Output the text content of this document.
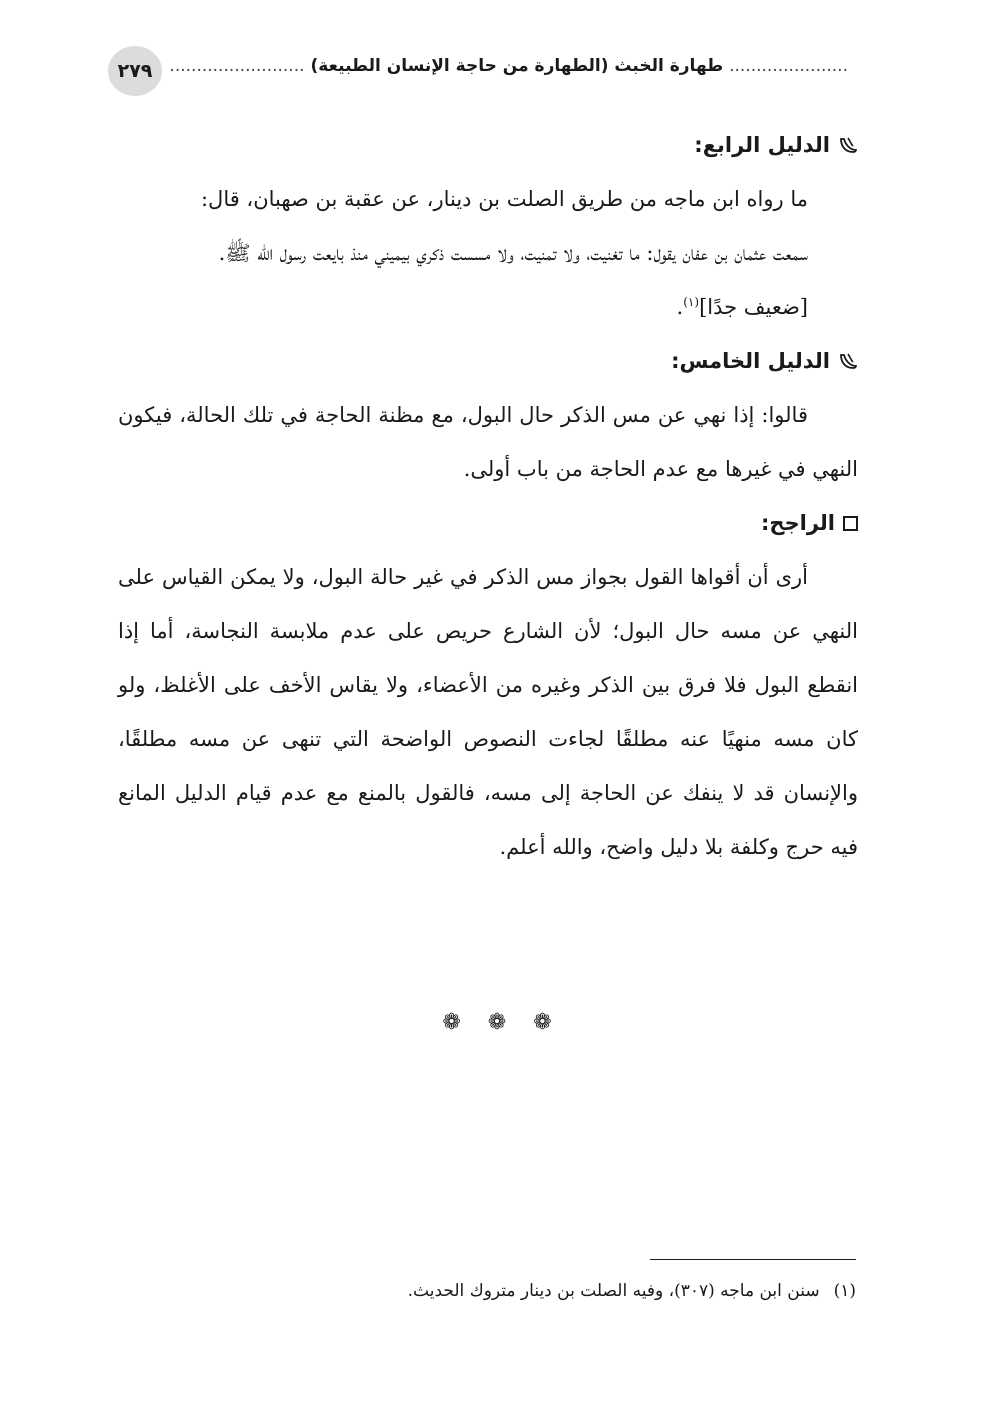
٢٧٩	...................... طهارة الخبث (الطهارة من حاجة الإنسان الطبيعة) .........................
الدليل الرابع:

ما رواه ابن ماجه من طريق الصلت بن دينار، عن عقبة بن صهبان، قال:

سمعت عثمان بن عفان يقول: ما تغنيت، ولا تمنيت، ولا مسست ذكري بيميني منذ بايعت رسول الله ﷺ.

[ضعيف جدًا]$^{(١)}$.

الدليل الخامس:

قالوا: إذا نهي عن مس الذكر حال البول، مع مظنة الحاجة في تلك الحالة، فيكون النهي في غيرها مع عدم الحاجة من باب أولى.

الراجح:

أرى أن أقواها القول بجواز مس الذكر في غير حالة البول، ولا يمكن القياس على النهي عن مسه حال البول؛ لأن الشارع حريص على عدم ملابسة النجاسة، أما إذا انقطع البول فلا فرق بين الذكر وغيره من الأعضاء، ولا يقاس الأخف على الأغلظ، ولو كان مسه منهيًا عنه مطلقًا لجاءت النصوص الواضحة التي تنهى عن مسه مطلقًا، والإنسان قد لا ينفك عن الحاجة إلى مسه، فالقول بالمنع مع عدم قيام الدليل المانع فيه حرج وكلفة بلا دليل واضح، والله أعلم.

❁ ❁ ❁
(١)سنن ابن ماجه (٣٠٧)، وفيه الصلت بن دينار متروك الحديث.
